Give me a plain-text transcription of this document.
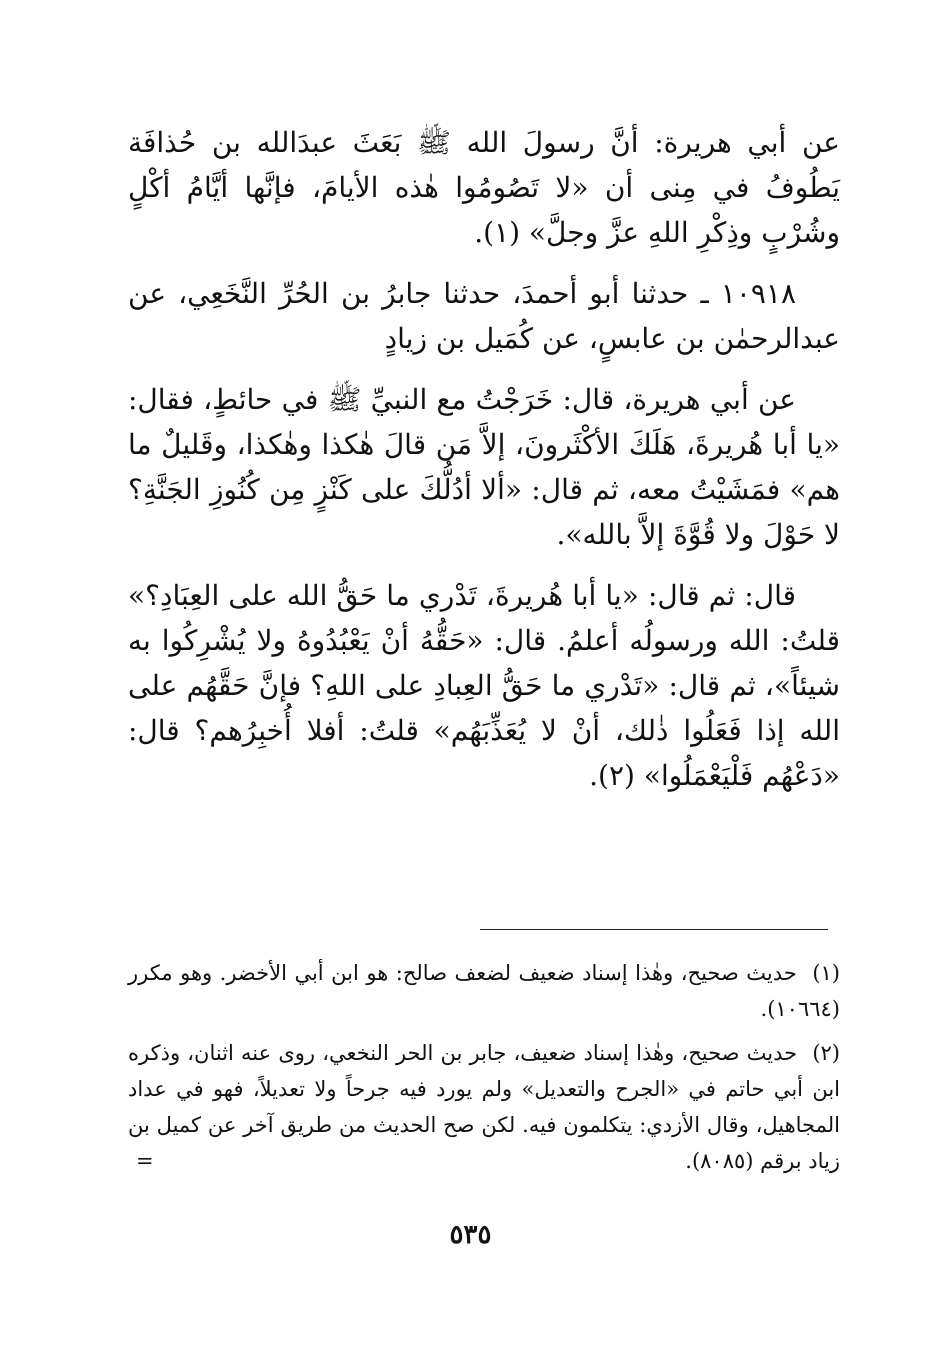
عن أبي هريرة: أنَّ رسولَ الله ﷺ بَعَثَ عبدَالله بن حُذافَة يَطُوفُ في مِنى أن «لا تَصُومُوا هٰذه الأيامَ، فإنَّها أيَّامُ أكْلٍ وشُرْبٍ وذِكْرِ اللهِ عزَّ وجلَّ» (١).

١٠٩١٨ ـ حدثنا أبو أحمدَ، حدثنا جابرُ بن الحُرِّ النَّخَعِي، عن عبدالرحمٰن بن عابسٍ، عن كُمَيل بن زيادٍ

عن أبي هريرة، قال: خَرَجْتُ مع النبيِّ ﷺ في حائطٍ، فقال: «يا أبا هُريرةَ، هَلَكَ الأكْثَرونَ، إلاَّ مَن قالَ هٰكذا وهٰكذا، وقَليلٌ ما هم» فمَشَيْتُ معه، ثم قال: «ألا أدُلُّكَ على كَنْزٍ مِن كُنُوزِ الجَنَّةِ؟ لا حَوْلَ ولا قُوَّةَ إلاَّ بالله».

قال: ثم قال: «يا أبا هُريرةَ، تَدْري ما حَقُّ الله على العِبَادِ؟» قلتُ: الله ورسولُه أعلمُ. قال: «حَقُّهُ أنْ يَعْبُدُوهُ ولا يُشْرِكُوا به شيئاً»، ثم قال: «تَدْري ما حَقُّ العِبادِ على اللهِ؟ فإنَّ حَقَّهُم على الله إذا فَعَلُوا ذٰلك، أنْ لا يُعَذِّبَهُم» قلتُ: أفلا أُخبِرُهم؟ قال: «دَعْهُم فَلْيَعْمَلُوا» (٢).

(١) حديث صحيح، وهٰذا إسناد ضعيف لضعف صالح: هو ابن أبي الأخضر. وهو مكرر (١٠٦٦٤).

(٢) حديث صحيح، وهٰذا إسناد ضعيف، جابر بن الحر النخعي، روى عنه اثنان، وذكره ابن أبي حاتم في «الجرح والتعديل» ولم يورد فيه جرحاً ولا تعديلاً، فهو في عداد المجاهيل، وقال الأزدي: يتكلمون فيه. لكن صح الحديث من طريق آخر عن كميل بن زياد برقم (٨٠٨٥).
=

٥٣٥
